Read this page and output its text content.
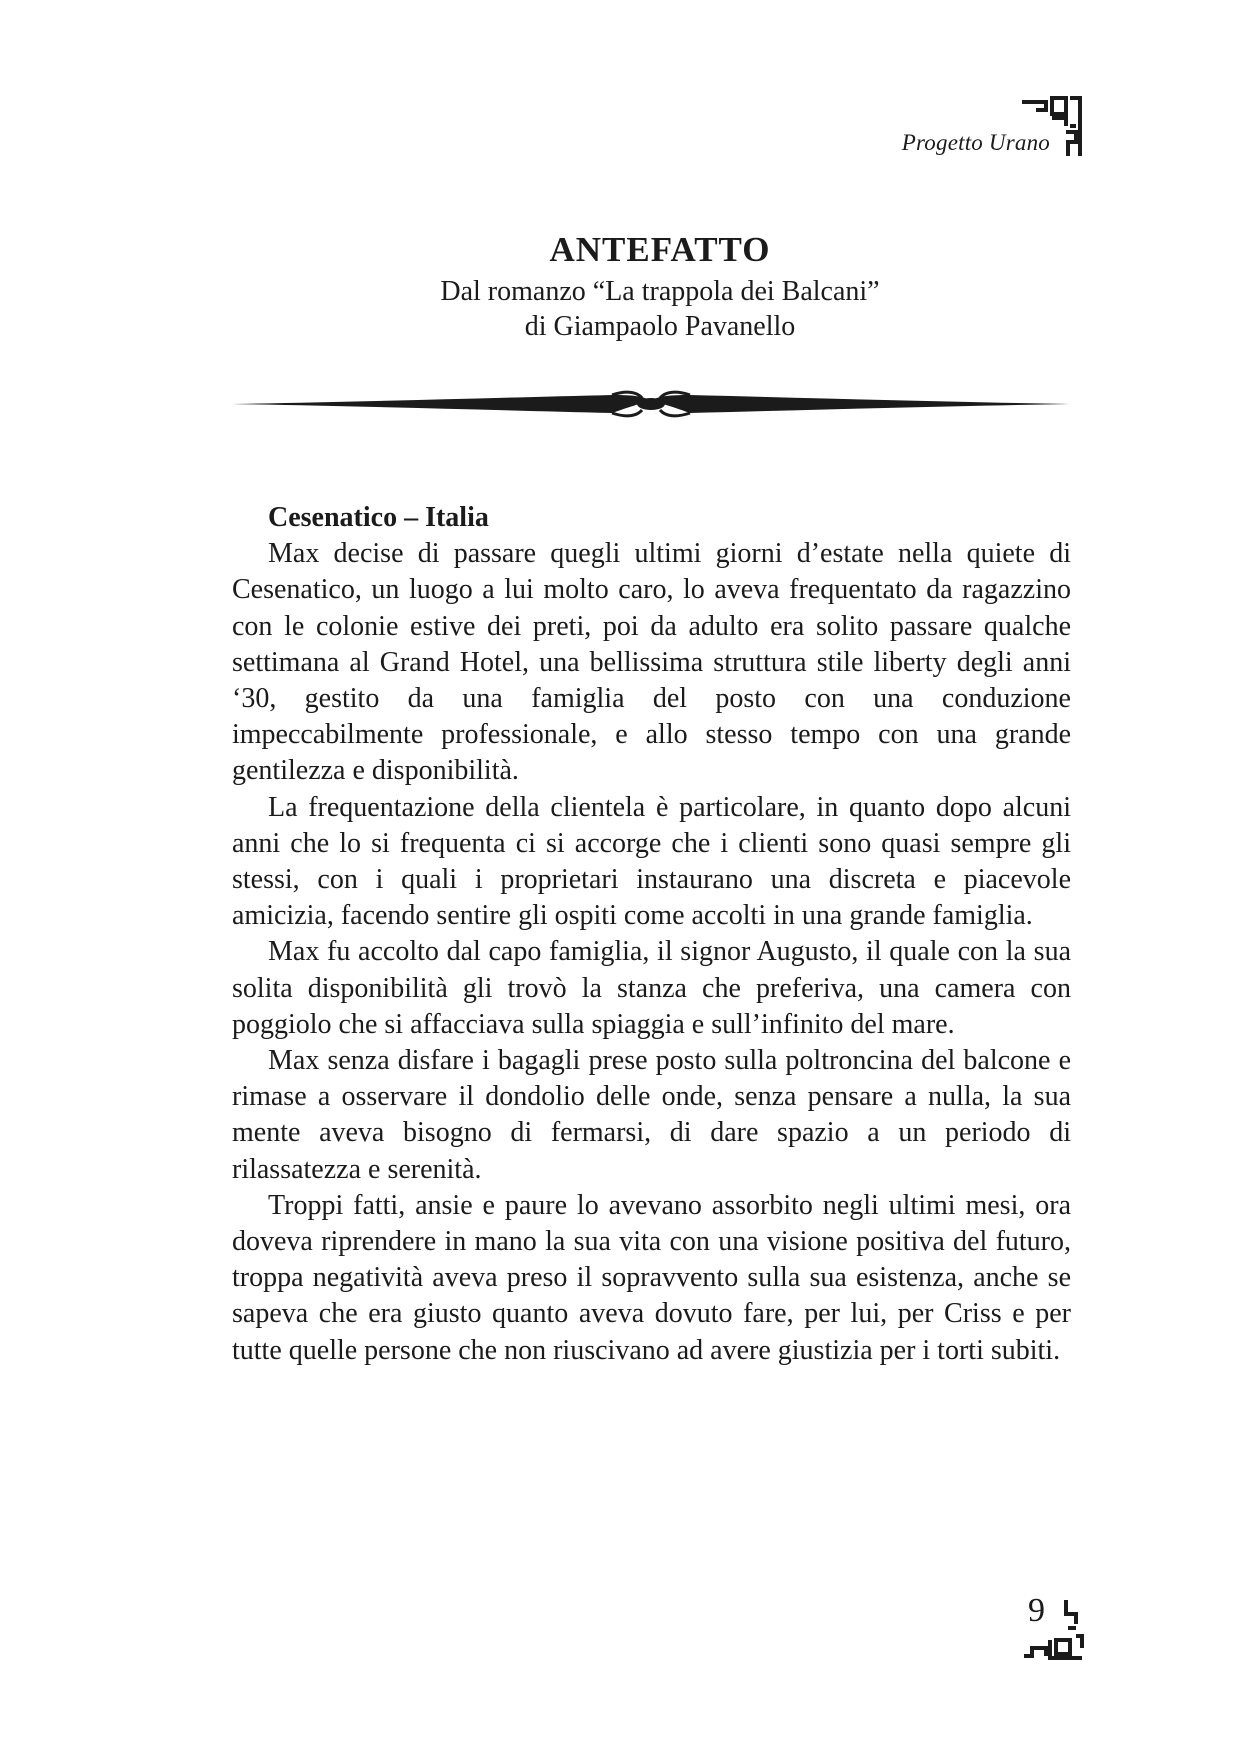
Progetto Urano
ANTEFATTO
Dal romanzo “La trappola dei Balcani”
di Giampaolo Pavanello

Cesenatico – Italia

Max decise di passare quegli ultimi giorni d’estate nella quiete di Cesenatico, un luogo a lui molto caro, lo aveva frequentato da ragazzino con le colonie estive dei preti, poi da adulto era solito passare qualche settimana al Grand Hotel, una bellissima struttura stile liberty degli anni ‘30, gestito da una famiglia del posto con una conduzione impeccabilmente professionale, e allo stesso tempo con una grande gentilezza e disponibilità.

La frequentazione della clientela è particolare, in quanto dopo alcuni anni che lo si frequenta ci si accorge che i clienti sono quasi sempre gli stessi, con i quali i proprietari instaurano una discreta e piacevole amicizia, facendo sentire gli ospiti come accolti in una grande famiglia.

Max fu accolto dal capo famiglia, il signor Augusto, il quale con la sua solita disponibilità gli trovò la stanza che preferiva, una camera con poggiolo che si affacciava sulla spiaggia e sull’infinito del mare.

Max senza disfare i bagagli prese posto sulla poltroncina del balcone e rimase a osservare il dondolio delle onde, senza pensare a nulla, la sua mente aveva bisogno di fermarsi, di dare spazio a un periodo di rilassatezza e serenità.

Troppi fatti, ansie e paure lo avevano assorbito negli ultimi mesi, ora doveva riprendere in mano la sua vita con una visione positiva del futuro, troppa negatività aveva preso il sopravvento sulla sua esistenza, anche se sapeva che era giusto quanto aveva dovuto fare, per lui, per Criss e per tutte quelle persone che non riuscivano ad avere giustizia per i torti subiti.

9
